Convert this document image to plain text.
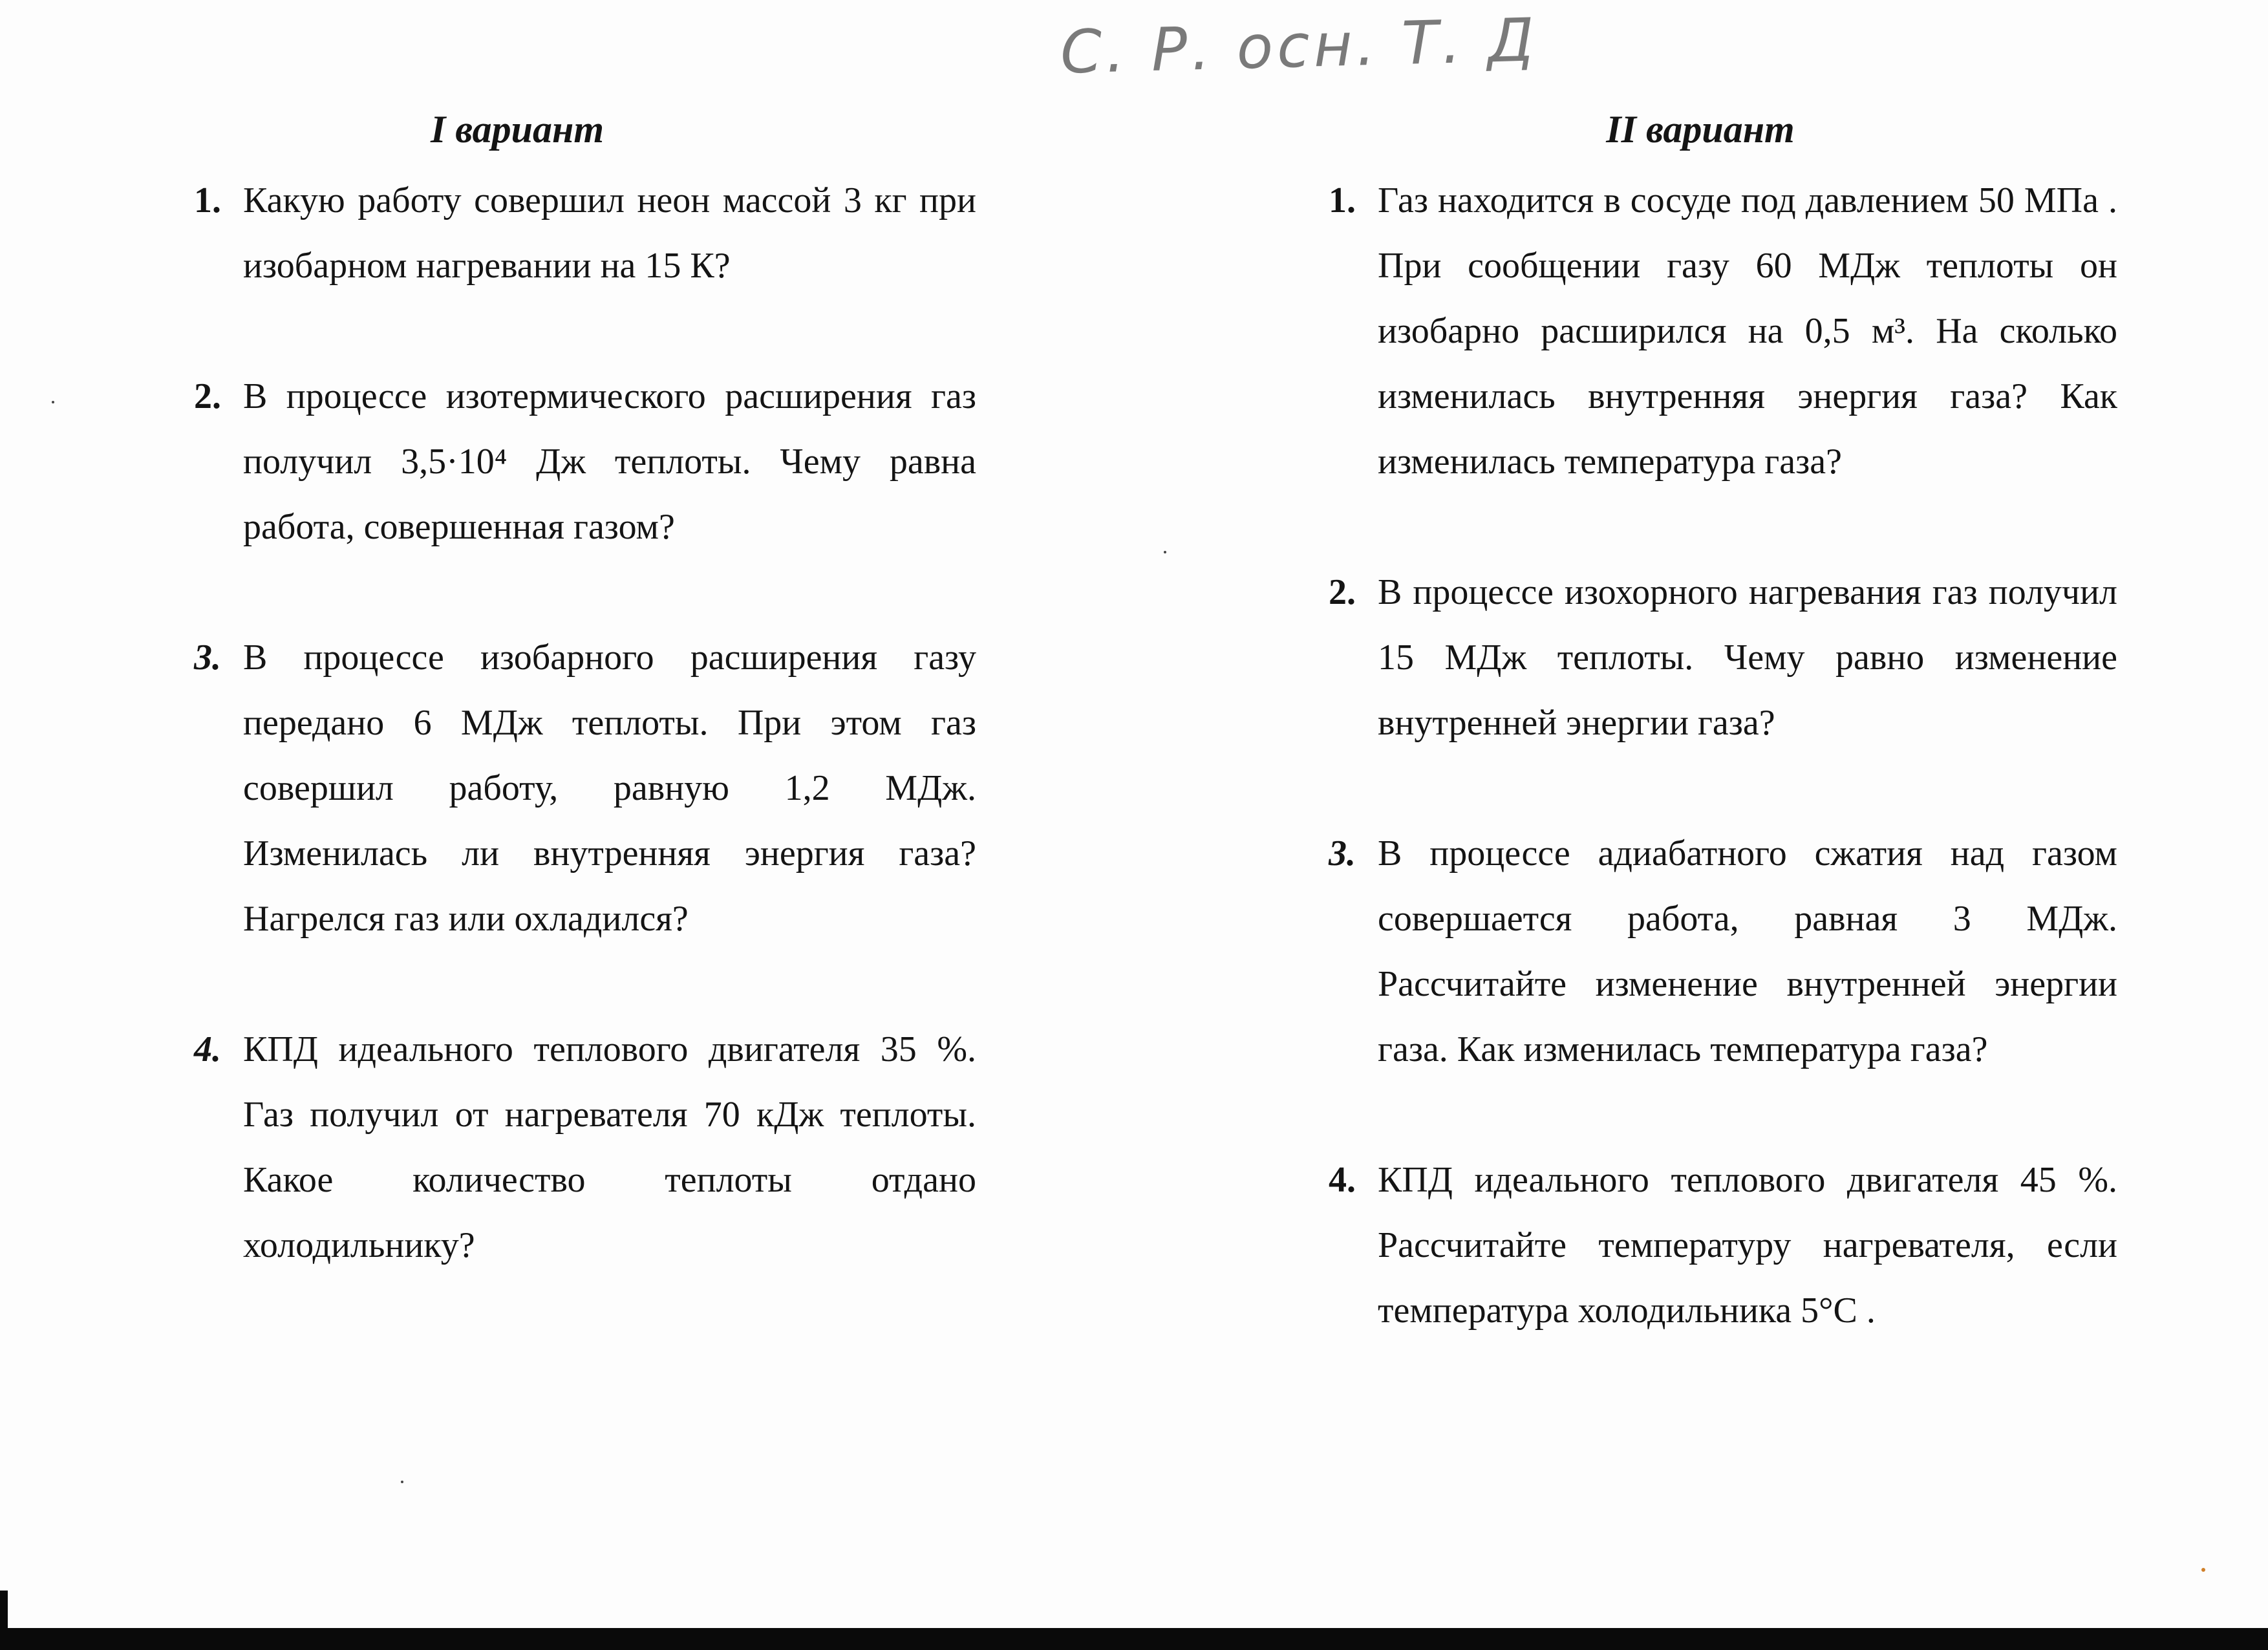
С. Р. осн. Т. Д
I вариант
1. Какую работу совершил неон массой 3 кг при изобарном нагревании на 15 К?
2. В процессе изотермического расширения газ получил 3,5·10⁴ Дж теплоты. Чему равна работа, совершенная газом?
3. В процессе изобарного расширения газу передано 6 МДж теплоты. При этом газ совершил работу, равную 1,2 МДж. Изменилась ли внутренняя энергия газа? Нагрелся газ или охладился?
4. КПД идеального теплового двигателя 35 %. Газ получил от нагревателя 70 кДж теплоты. Какое количество теплоты отдано холодильнику?
II вариант
1. Газ находится в сосуде под давлением 50 МПа . При сообщении газу 60 МДж теплоты он изобарно расширился на 0,5 м³. На сколько изменилась внутренняя энергия газа? Как изменилась температура газа?
2. В процессе изохорного нагревания газ получил 15 МДж теплоты. Чему равно изменение внутренней энергии газа?
3. В процессе адиабатного сжатия над газом совершается работа, равная 3 МДж. Рассчитайте изменение внутренней энергии газа. Как изменилась температура газа?
4. КПД идеального теплового двигателя 45 %. Рассчитайте температуру нагревателя, если температура холодильника 5°С .
